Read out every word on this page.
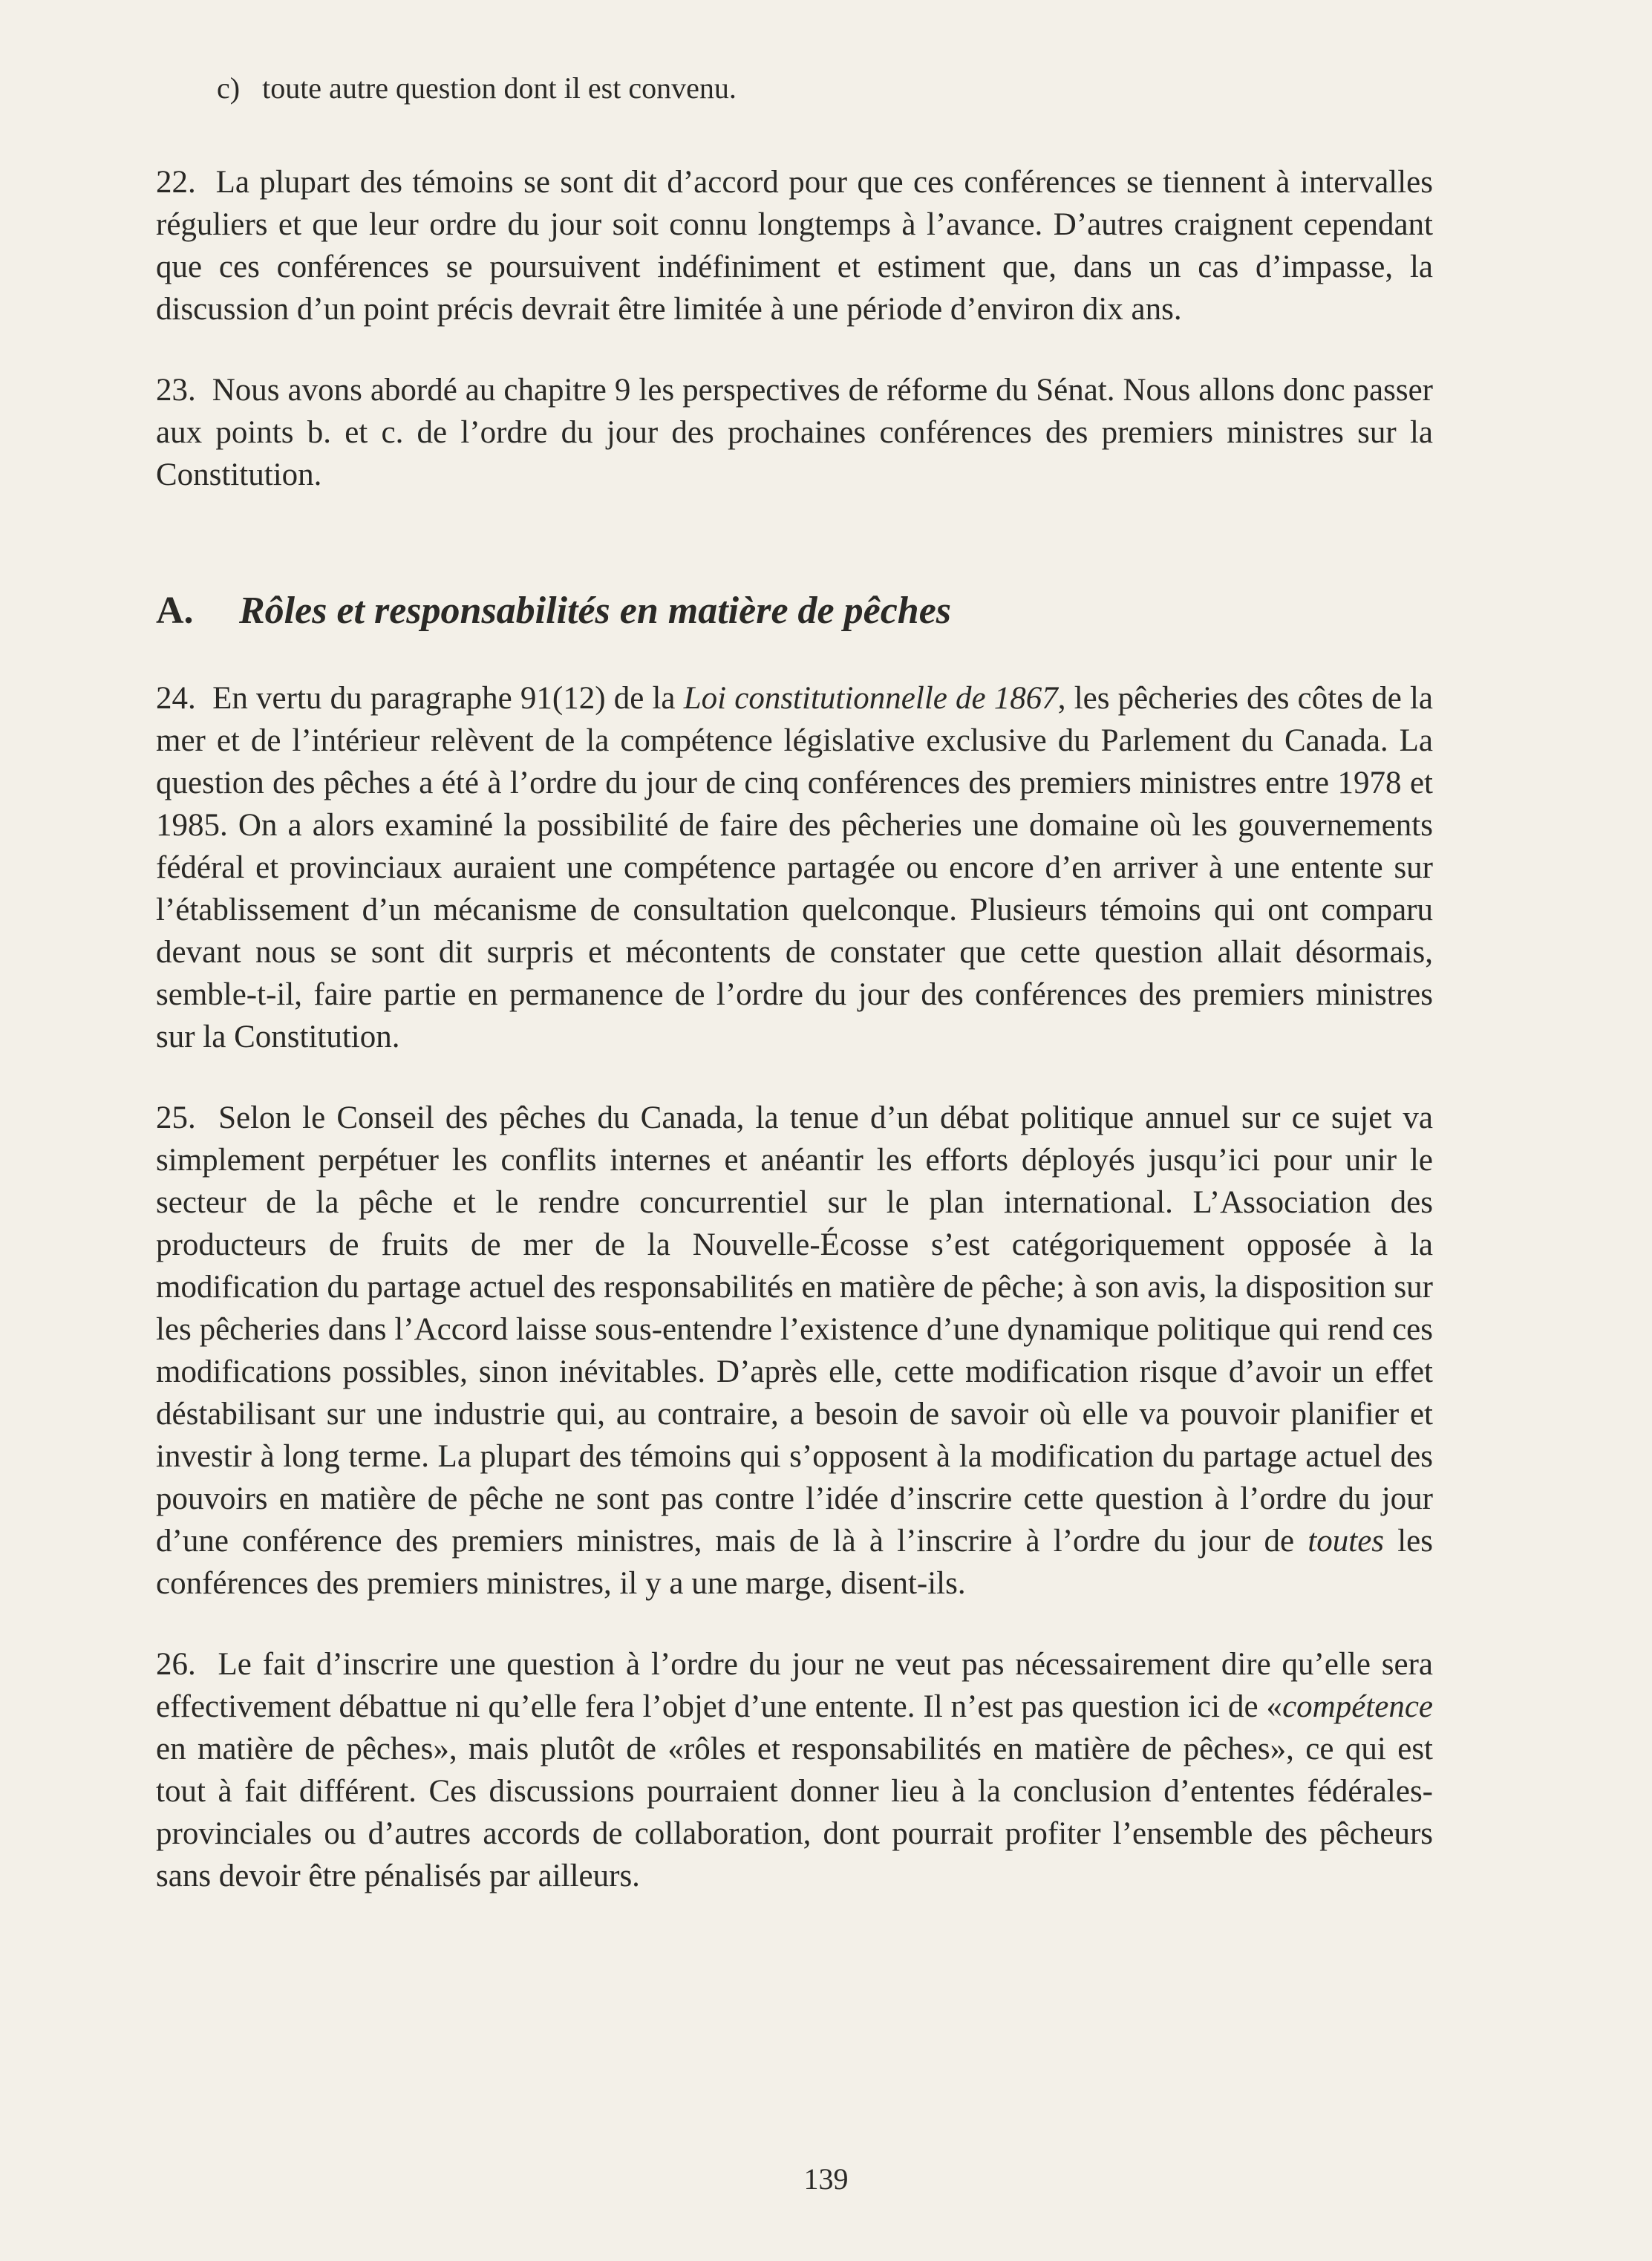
c) toute autre question dont il est convenu.

22. La plupart des témoins se sont dit d’accord pour que ces conférences se tiennent à intervalles réguliers et que leur ordre du jour soit connu longtemps à l’avance. D’autres craignent cependant que ces conférences se poursuivent indéfiniment et estiment que, dans un cas d’impasse, la discussion d’un point précis devrait être limitée à une période d’environ dix ans.

23. Nous avons abordé au chapitre 9 les perspectives de réforme du Sénat. Nous allons donc passer aux points b. et c. de l’ordre du jour des prochaines conférences des premiers ministres sur la Constitution.

A.	Rôles et responsabilités en matière de pêches

24. En vertu du paragraphe 91(12) de la Loi constitutionnelle de 1867, les pêcheries des côtes de la mer et de l’intérieur relèvent de la compétence législative exclusive du Parlement du Canada. La question des pêches a été à l’ordre du jour de cinq conférences des premiers ministres entre 1978 et 1985. On a alors examiné la possibilité de faire des pêcheries une domaine où les gouvernements fédéral et provinciaux auraient une compétence partagée ou encore d’en arriver à une entente sur l’établissement d’un mécanisme de consultation quelconque. Plusieurs témoins qui ont comparu devant nous se sont dit surpris et mécontents de constater que cette question allait désormais, semble-t-il, faire partie en permanence de l’ordre du jour des conférences des premiers ministres sur la Constitution.

25. Selon le Conseil des pêches du Canada, la tenue d’un débat politique annuel sur ce sujet va simplement perpétuer les conflits internes et anéantir les efforts déployés jusqu’ici pour unir le secteur de la pêche et le rendre concurrentiel sur le plan international. L’Association des producteurs de fruits de mer de la Nouvelle-Écosse s’est catégoriquement opposée à la modification du partage actuel des responsabilités en matière de pêche; à son avis, la disposition sur les pêcheries dans l’Accord laisse sous-entendre l’existence d’une dynamique politique qui rend ces modifications possibles, sinon inévitables. D’après elle, cette modification risque d’avoir un effet déstabilisant sur une industrie qui, au contraire, a besoin de savoir où elle va pouvoir planifier et investir à long terme. La plupart des témoins qui s’opposent à la modification du partage actuel des pouvoirs en matière de pêche ne sont pas contre l’idée d’inscrire cette question à l’ordre du jour d’une conférence des premiers ministres, mais de là à l’inscrire à l’ordre du jour de toutes les conférences des premiers ministres, il y a une marge, disent-ils.

26. Le fait d’inscrire une question à l’ordre du jour ne veut pas nécessairement dire qu’elle sera effectivement débattue ni qu’elle fera l’objet d’une entente. Il n’est pas question ici de «compétence en matière de pêches», mais plutôt de «rôles et responsabilités en matière de pêches», ce qui est tout à fait différent. Ces discussions pourraient donner lieu à la conclusion d’ententes fédérales-provinciales ou d’autres accords de collaboration, dont pourrait profiter l’ensemble des pêcheurs sans devoir être pénalisés par ailleurs.

139
